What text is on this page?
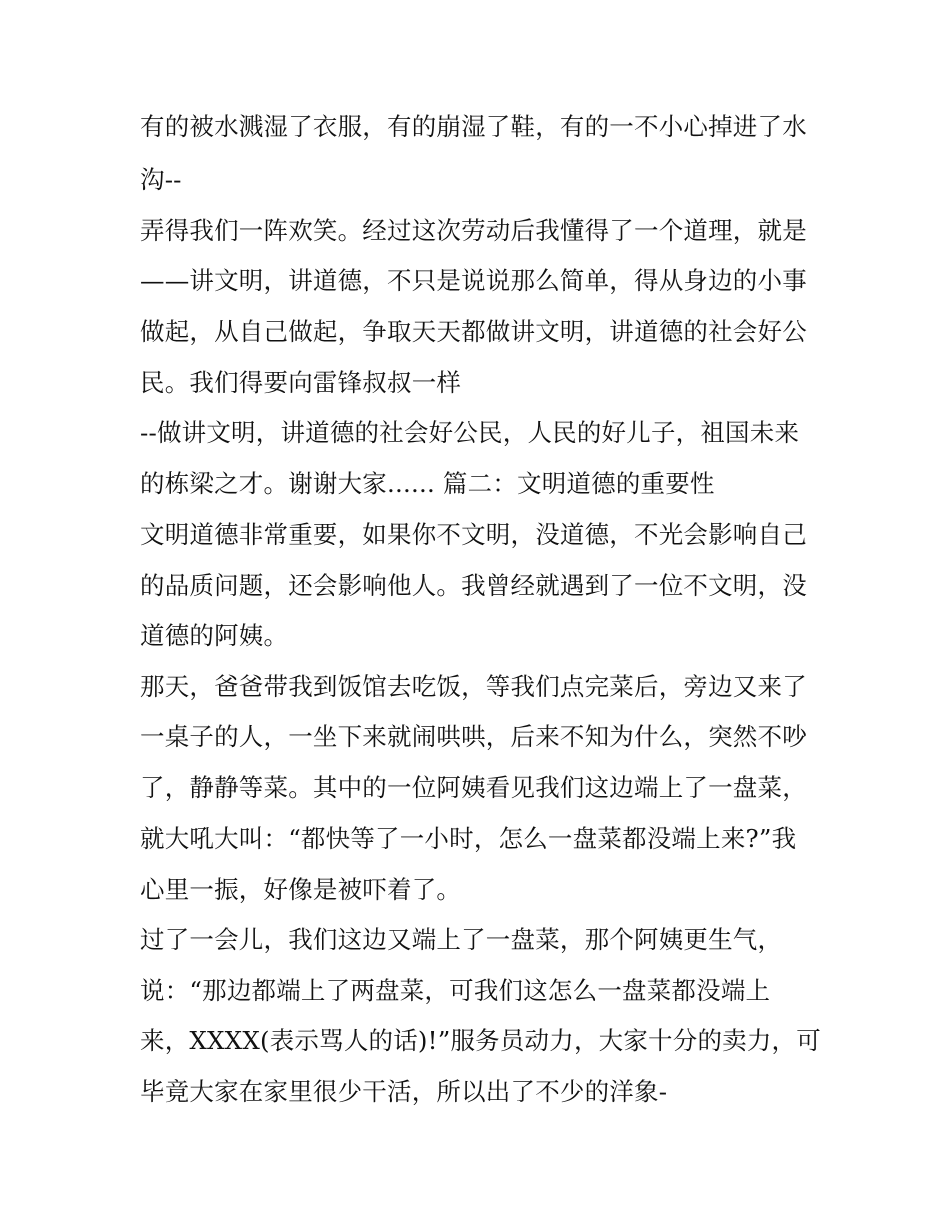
有的被水溅湿了衣服，有的崩湿了鞋，有的一不小心掉进了水
沟--
弄得我们一阵欢笑。经过这次劳动后我懂得了一个道理，就是
——讲文明，讲道德，不只是说说那么简单，得从身边的小事
做起，从自己做起，争取天天都做讲文明，讲道德的社会好公
民。我们得要向雷锋叔叔一样
--做讲文明，讲道德的社会好公民，人民的好儿子，祖国未来
的栋梁之才。谢谢大家...... 篇二：文明道德的重要性
文明道德非常重要，如果你不文明，没道德，不光会影响自己
的品质问题，还会影响他人。我曾经就遇到了一位不文明，没
道德的阿姨。
那天，爸爸带我到饭馆去吃饭，等我们点完菜后，旁边又来了
一桌子的人，一坐下来就闹哄哄，后来不知为什么，突然不吵
了，静静等菜。其中的一位阿姨看见我们这边端上了一盘菜，
就大吼大叫：“都快等了一小时，怎么一盘菜都没端上来?”我
心里一振，好像是被吓着了。
过了一会儿，我们这边又端上了一盘菜，那个阿姨更生气，
说：“那边都端上了两盘菜，可我们这怎么一盘菜都没端上
来，XXXX(表示骂人的话)!”服务员动力，大家十分的卖力，可
毕竟大家在家里很少干活，所以出了不少的洋象-
